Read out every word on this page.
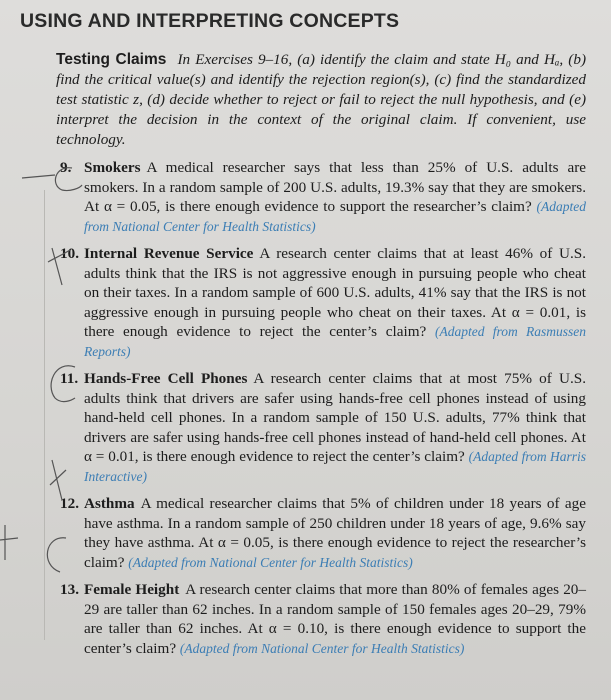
USING AND INTERPRETING CONCEPTS
Testing Claims In Exercises 9–16, (a) identify the claim and state H₀ and Hₐ, (b) find the critical value(s) and identify the rejection region(s), (c) find the standardized test statistic z, (d) decide whether to reject or fail to reject the null hypothesis, and (e) interpret the decision in the context of the original claim. If convenient, use technology.
9. Smokers A medical researcher says that less than 25% of U.S. adults are smokers. In a random sample of 200 U.S. adults, 19.3% say that they are smokers. At α = 0.05, is there enough evidence to support the researcher’s claim? (Adapted from National Center for Health Statistics)
10. Internal Revenue Service A research center claims that at least 46% of U.S. adults think that the IRS is not aggressive enough in pursuing people who cheat on their taxes. In a random sample of 600 U.S. adults, 41% say that the IRS is not aggressive enough in pursuing people who cheat on their taxes. At α = 0.01, is there enough evidence to reject the center’s claim? (Adapted from Rasmussen Reports)
11. Hands-Free Cell Phones A research center claims that at most 75% of U.S. adults think that drivers are safer using hands-free cell phones instead of using hand-held cell phones. In a random sample of 150 U.S. adults, 77% think that drivers are safer using hands-free cell phones instead of hand-held cell phones. At α = 0.01, is there enough evidence to reject the center’s claim? (Adapted from Harris Interactive)
12. Asthma A medical researcher claims that 5% of children under 18 years of age have asthma. In a random sample of 250 children under 18 years of age, 9.6% say they have asthma. At α = 0.05, is there enough evidence to reject the researcher’s claim? (Adapted from National Center for Health Statistics)
13. Female Height A research center claims that more than 80% of females ages 20–29 are taller than 62 inches. In a random sample of 150 females ages 20–29, 79% are taller than 62 inches. At α = 0.10, is there enough evidence to support the center’s claim? (Adapted from National Center for Health Statistics)
